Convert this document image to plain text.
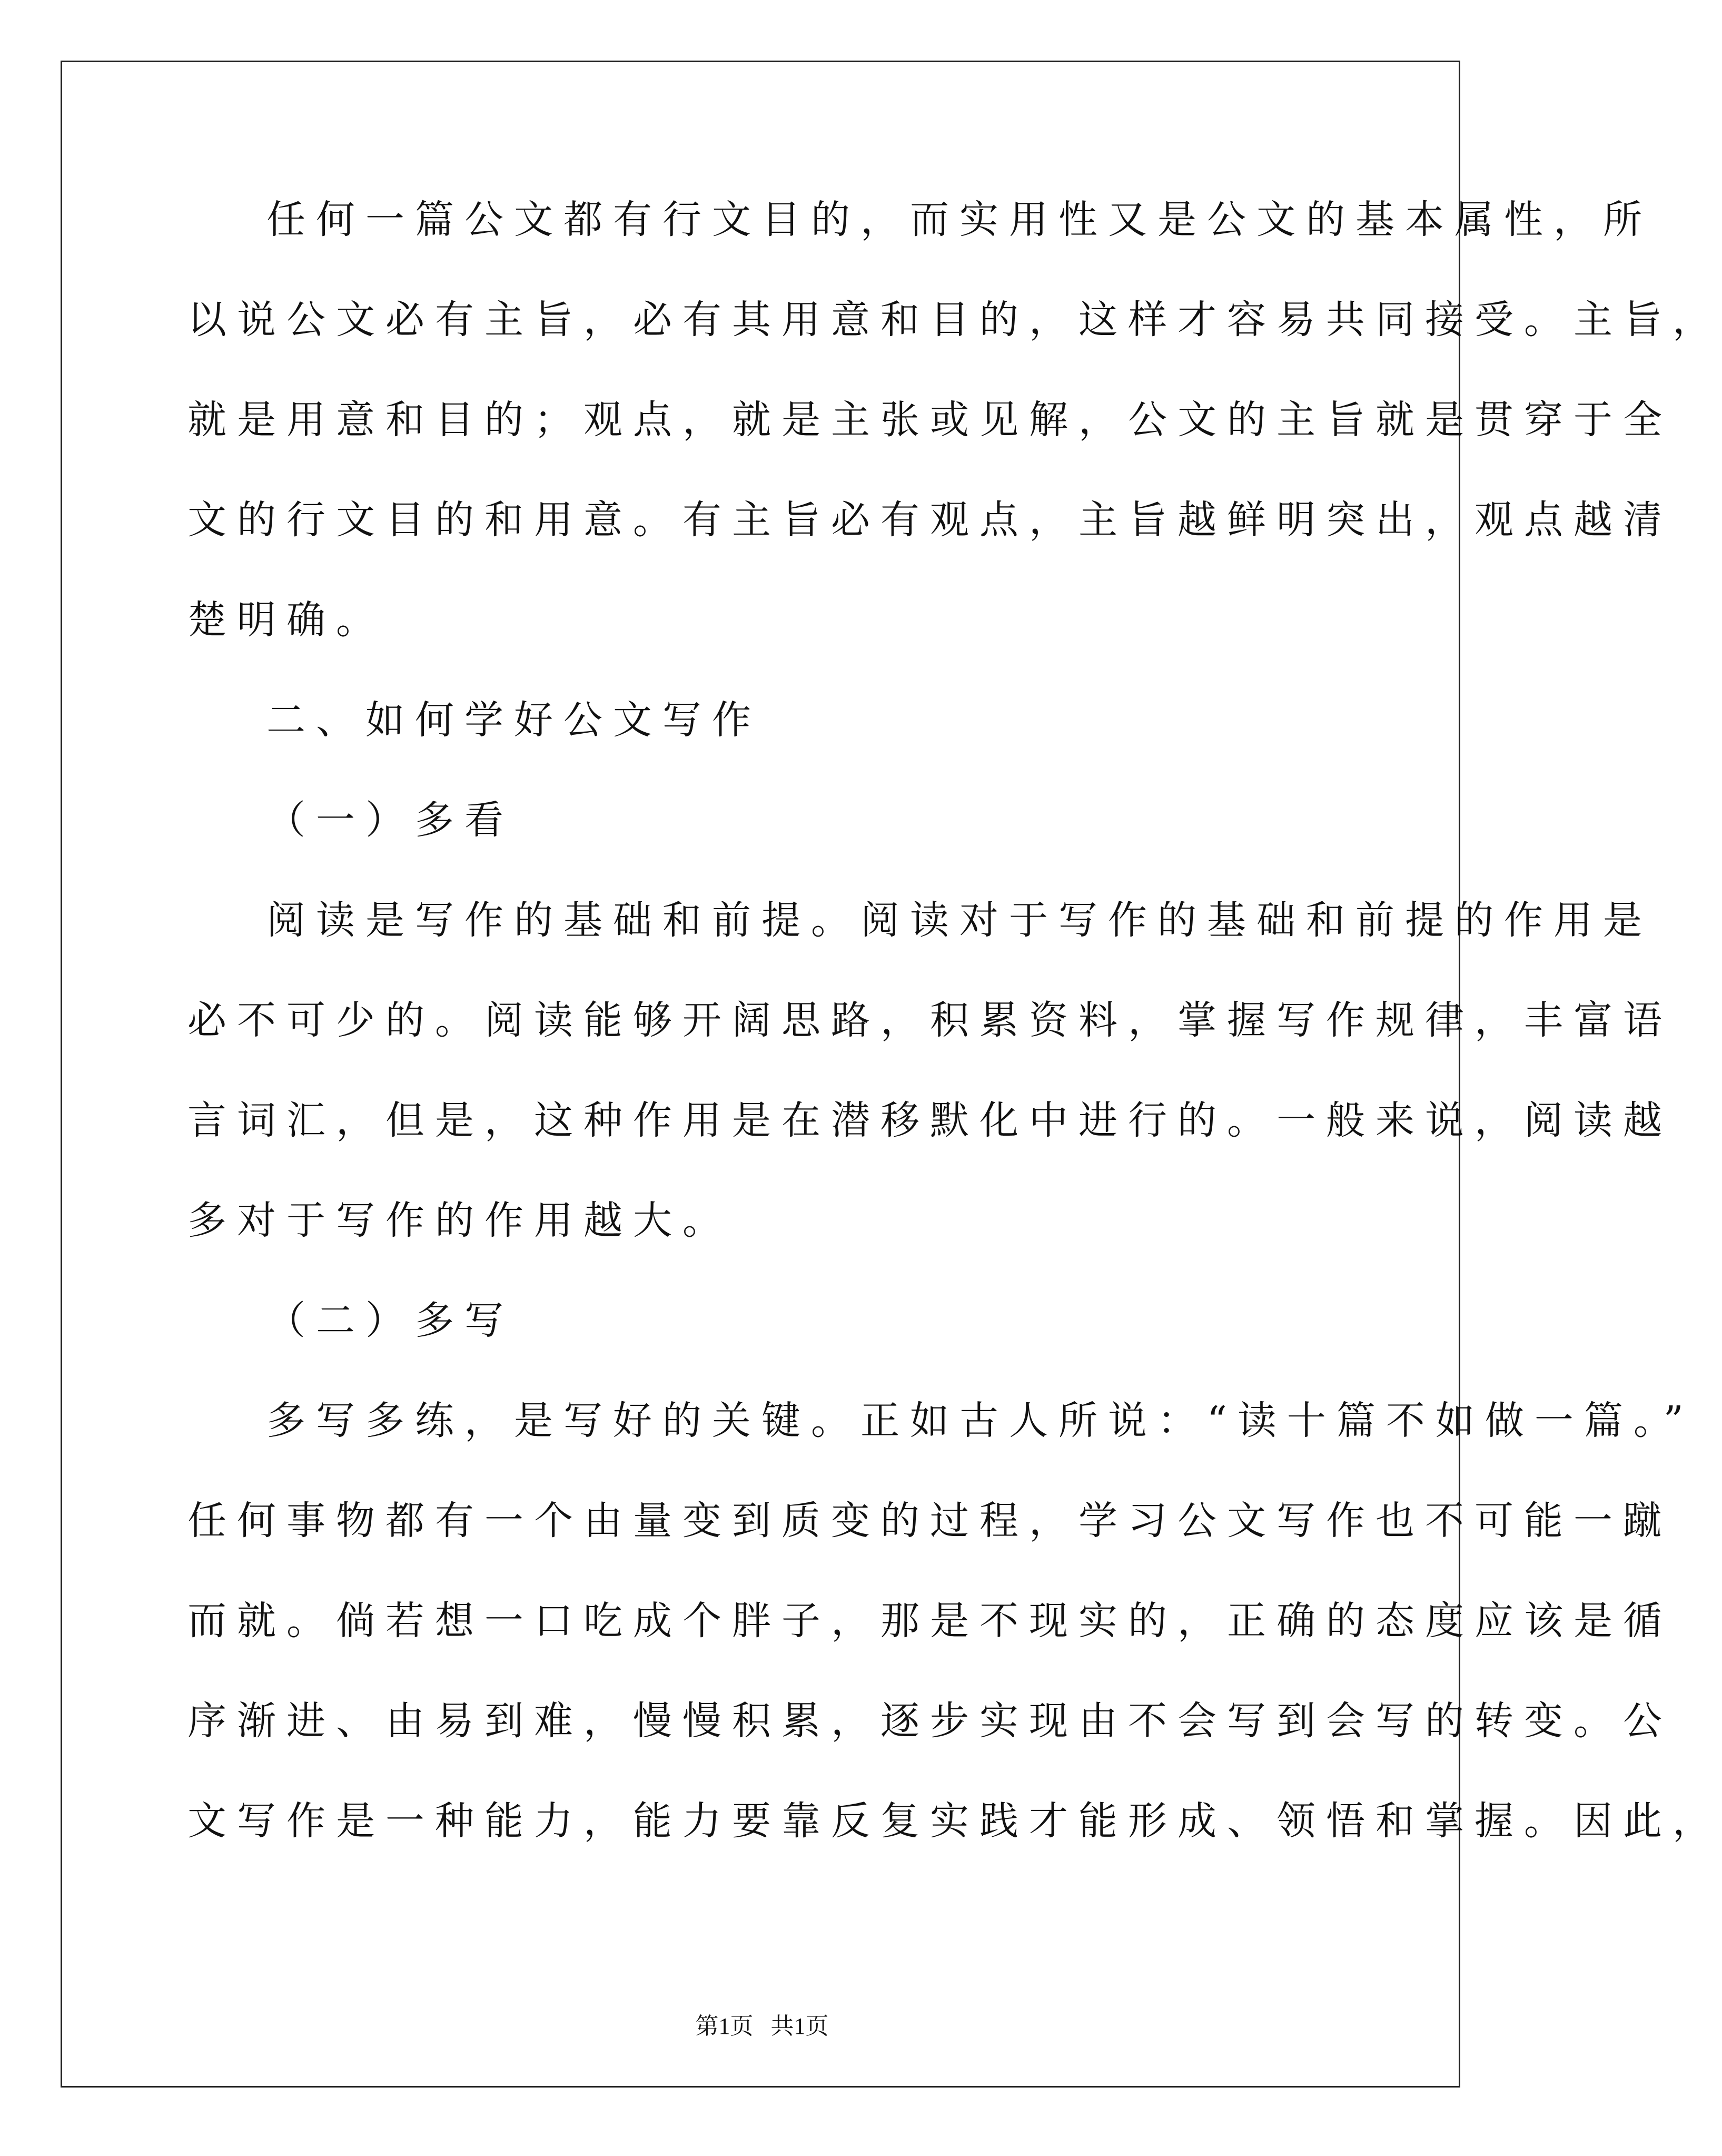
任何一篇公文都有行文目的，而实用性又是公文的基本属性，所
以说公文必有主旨，必有其用意和目的，这样才容易共同接受。主旨，
就是用意和目的；观点，就是主张或见解，公文的主旨就是贯穿于全
文的行文目的和用意。有主旨必有观点，主旨越鲜明突出，观点越清
楚明确。
二、如何学好公文写作
（一）多看
阅读是写作的基础和前提。阅读对于写作的基础和前提的作用是
必不可少的。阅读能够开阔思路，积累资料，掌握写作规律，丰富语
言词汇，但是，这种作用是在潜移默化中进行的。一般来说，阅读越
多对于写作的作用越大。
（二）多写
多写多练，是写好的关键。正如古人所说：“读十篇不如做一篇。”
任何事物都有一个由量变到质变的过程，学习公文写作也不可能一蹴
而就。倘若想一口吃成个胖子，那是不现实的，正确的态度应该是循
序渐进、由易到难，慢慢积累，逐步实现由不会写到会写的转变。公
文写作是一种能力，能力要靠反复实践才能形成、领悟和掌握。因此，
第1页   共1页
